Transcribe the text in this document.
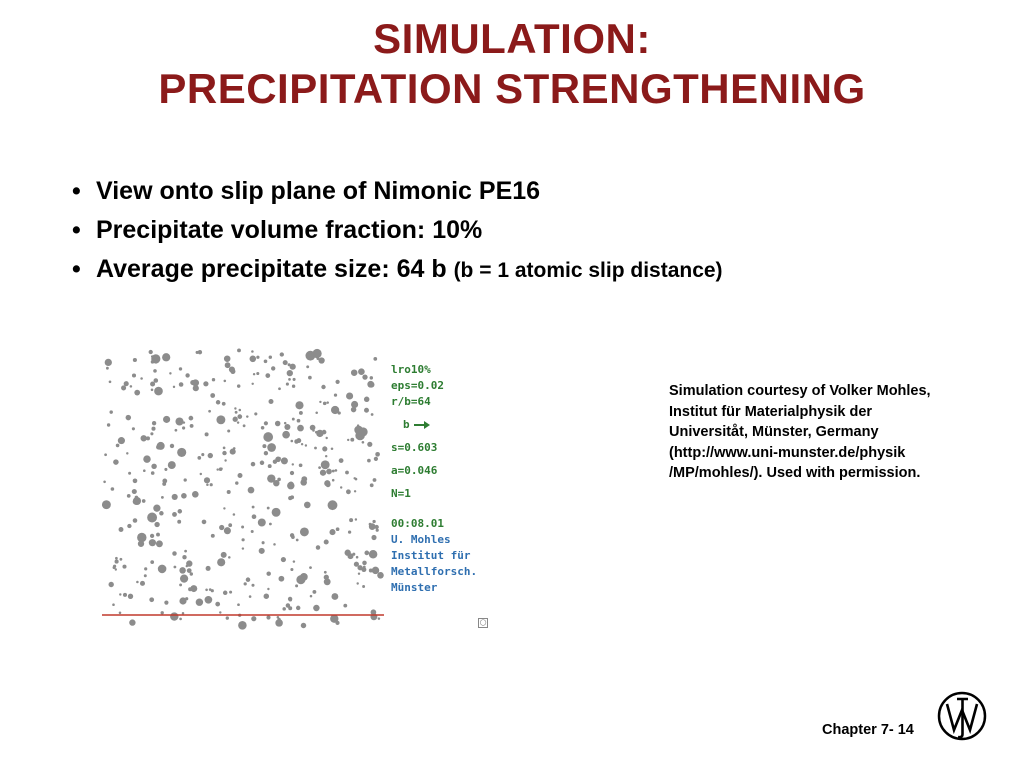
SIMULATION:
PRECIPITATION STRENGTHENING
• View onto slip plane of Nimonic PE16
• Precipitate volume fraction: 10%
• Average precipitate size: 64 b (b = 1 atomic slip distance)
lro10%
eps=0.02
r/b=64
b
s=0.603
a=0.046
N=1
00:08.01
U. Mohles
Institut für
Metallforsch.
Münster
◯
Simulation courtesy of Volker Mohles, Institut für Materialphysik der Universitåt, Münster, Germany (http://www.uni-munster.de/physik /MP/mohles/). Used with permission.
Chapter 7- 14
